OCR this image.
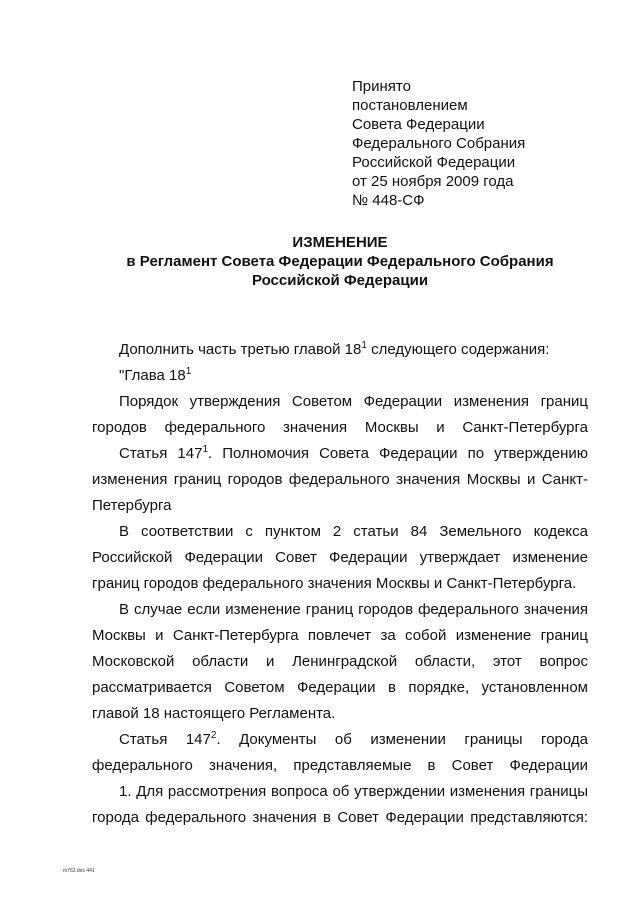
Принято
постановлением
Совета Федерации
Федерального Собрания
Российской Федерации
от 25 ноября 2009 года
№ 448-СФ
ИЗМЕНЕНИЕ
в Регламент Совета Федерации Федерального Собрания
Российской Федерации

Дополнить часть третью главой $18^1$ следующего содержания:

"Глава $18^1$

Порядок утверждения Советом Федерации изменения границ городов федерального значения Москвы и Санкт-Петербурга

Статья $147^1$. Полномочия Совета Федерации по утверждению изменения границ городов федерального значения Москвы и Санкт-Петербурга

В соответствии с пунктом 2 статьи 84 Земельного кодекса Российской Федерации Совет Федерации утверждает изменение границ городов федерального значения Москвы и Санкт-Петербурга.

В случае если изменение границ городов федерального значения Москвы и Санкт-Петербурга повлечет за собой изменение границ Московской области и Ленинградской области, этот вопрос рассматривается Советом Федерации в порядке, установленном главой 18 настоящего Регламента.

Статья $147^2$. Документы об изменении границы города федерального значения, представляемые в Совет Федерации

1. Для рассмотрения вопроса об утверждении изменения границы города федерального значения в Совет Федерации представляются:

m762.doc 441
